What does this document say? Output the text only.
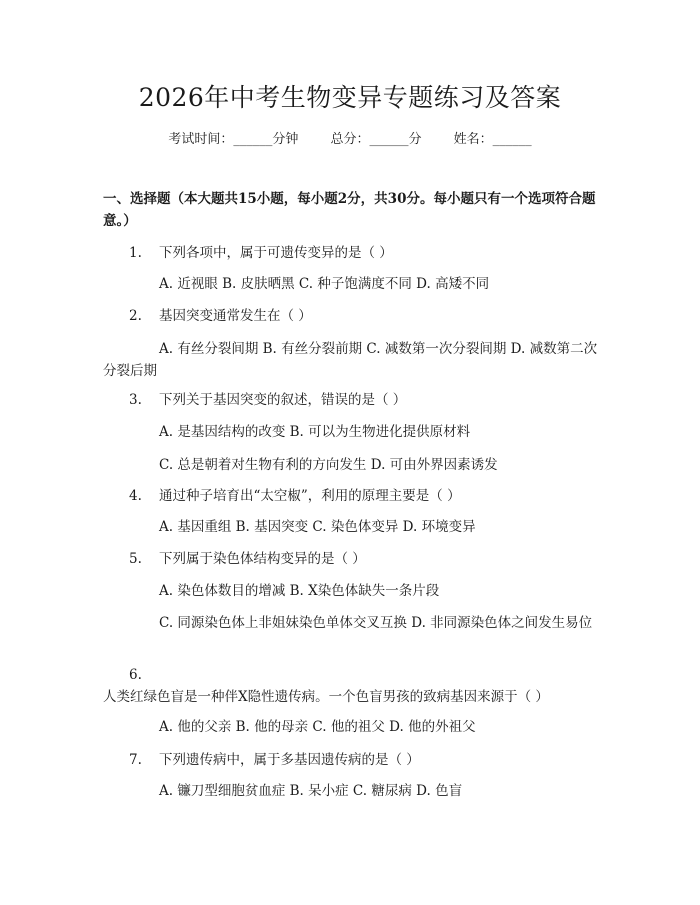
2026年中考生物变异专题练习及答案
考试时间：______分钟 总分：______分 姓名：______
一、选择题（本大题共15小题，每小题2分，共30分。每小题只有一个选项符合题意。）
1. 下列各项中，属于可遗传变异的是（ ）
A. 近视眼 B. 皮肤晒黑 C. 种子饱满度不同 D. 高矮不同
2. 基因突变通常发生在（ ）
A. 有丝分裂间期 B. 有丝分裂前期 C. 减数第一次分裂间期 D. 减数第二次分裂后期
3. 下列关于基因突变的叙述，错误的是（ ）
A. 是基因结构的改变 B. 可以为生物进化提供原材料
C. 总是朝着对生物有利的方向发生 D. 可由外界因素诱发
4. 通过种子培育出“太空椒”，利用的原理主要是（ ）
A. 基因重组 B. 基因突变 C. 染色体变异 D. 环境变异
5. 下列属于染色体结构变异的是（ ）
A. 染色体数目的增减 B. X染色体缺失一条片段
C. 同源染色体上非姐妹染色单体交叉互换 D. 非同源染色体之间发生易位
6.人类红绿色盲是一种伴X隐性遗传病。一个色盲男孩的致病基因来源于（ ）
A. 他的父亲 B. 他的母亲 C. 他的祖父 D. 他的外祖父
7. 下列遗传病中，属于多基因遗传病的是（ ）
A. 镰刀型细胞贫血症 B. 呆小症 C. 糖尿病 D. 色盲
